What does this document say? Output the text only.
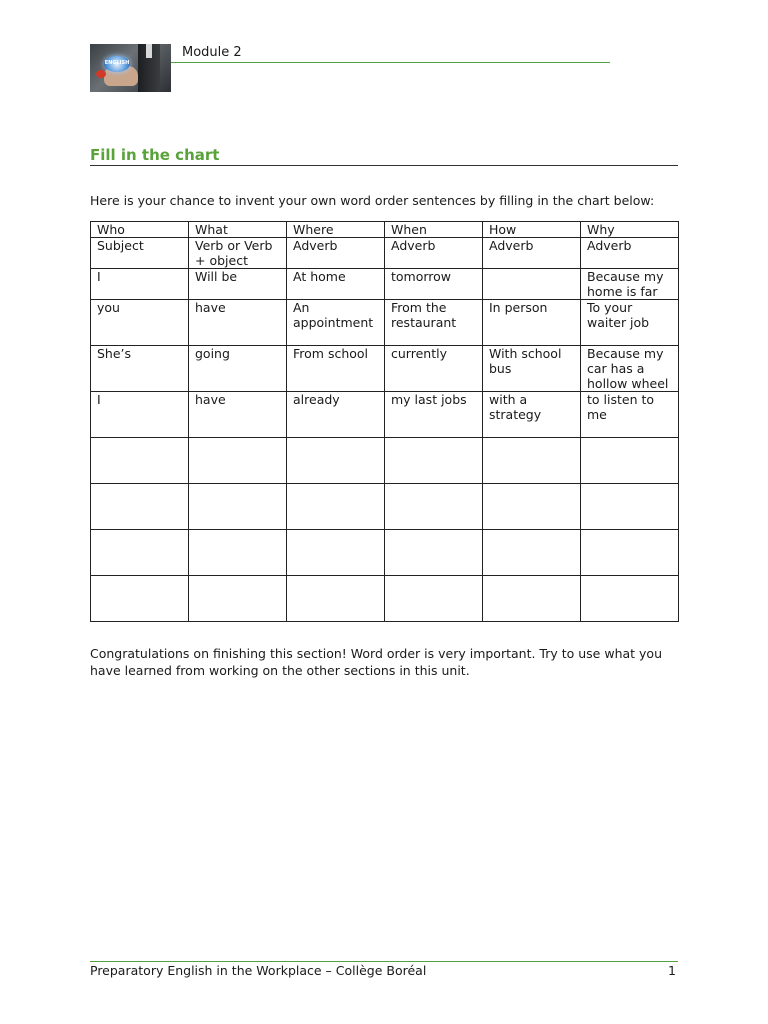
ENGLISH
Module 2
Fill in the chart
Here is your chance to invent your own word order sentences by filling in the chart below:
Who	What	Where	When	How	Why
Subject	Verb or Verb + object	Adverb	Adverb	Adverb	Adverb
I	Will be	At home	tomorrow		Because my home is far
you	have	An appointment	From the restaurant	In person	To your waiter job
She’s	going	From school	currently	With school bus	Because my car has a hollow wheel
I	have	already	my last jobs	with a strategy	to listen to me

Congratulations on finishing this section! Word order is very important. Try to use what you have learned from working on the other sections in this unit.
Preparatory English in the Workplace – Collège Boréal	1
